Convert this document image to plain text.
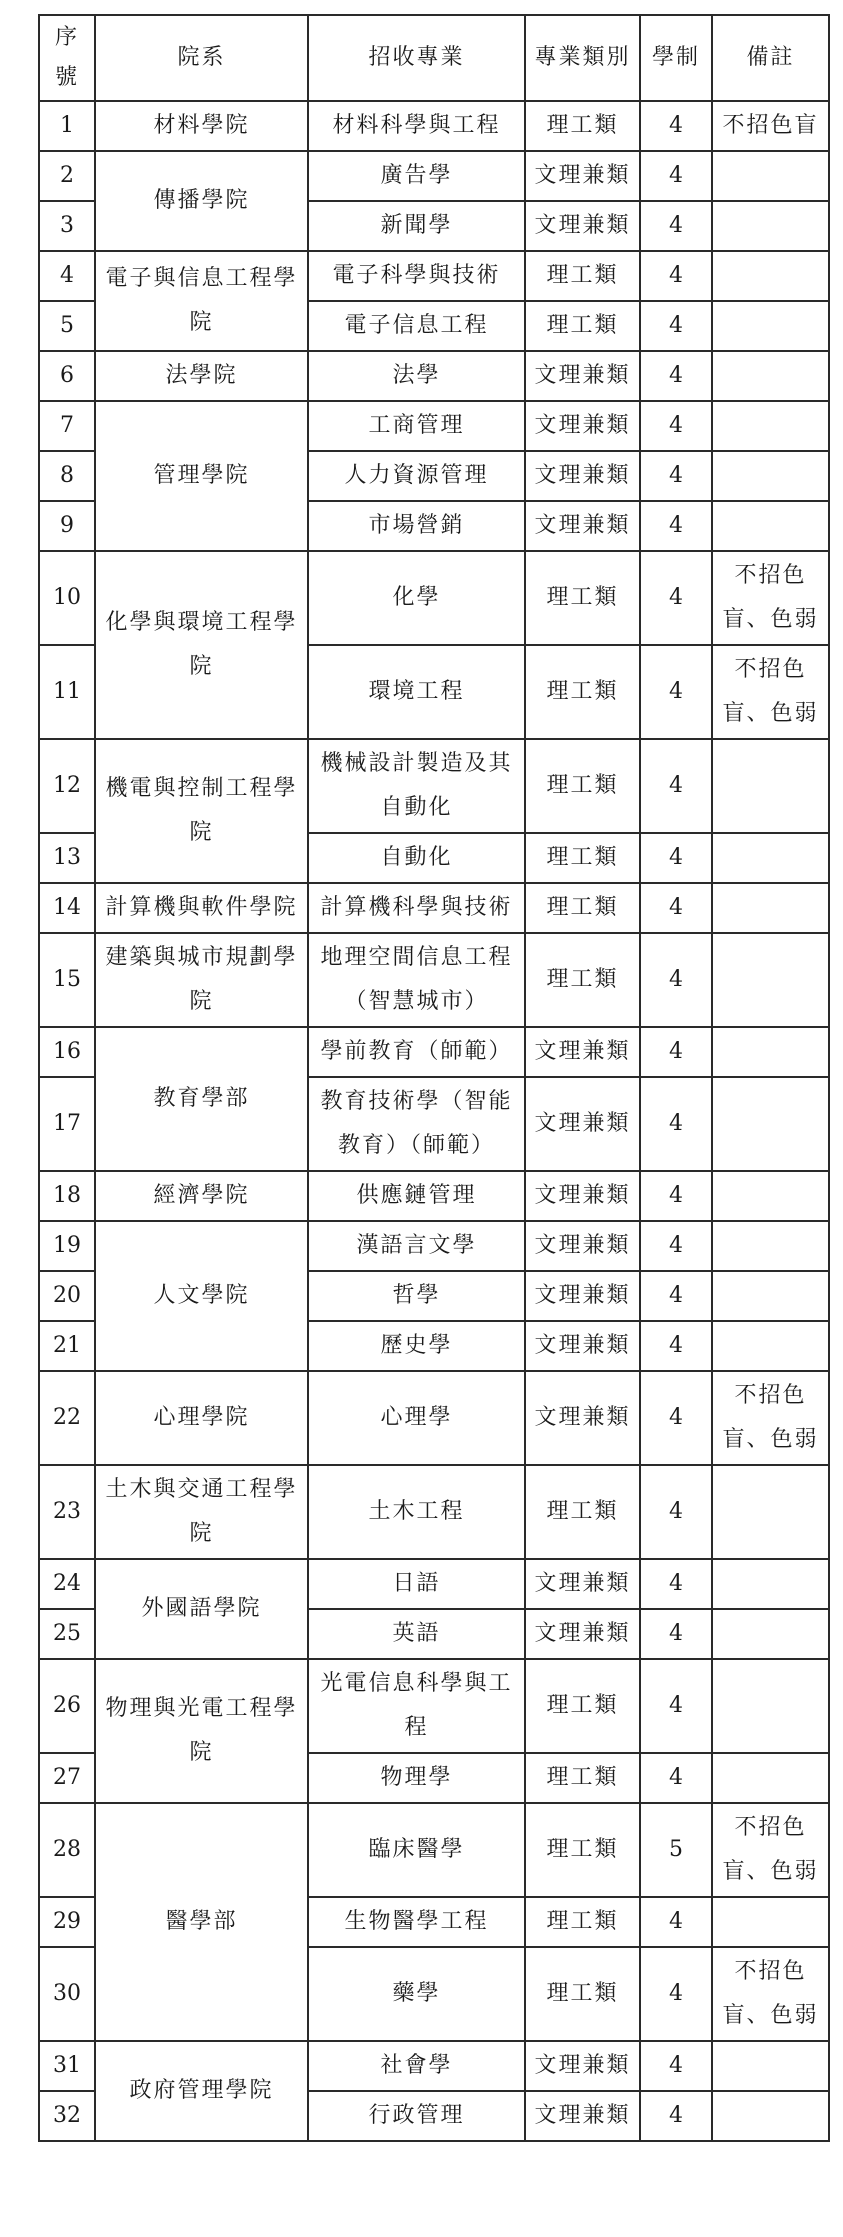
序號	院系	招收專業	專業類別	學制	備註
1	材料學院	材料科學與工程	理工類	4	不招色盲
2	傳播學院	廣告學	文理兼類	4	
3		新聞學	文理兼類	4	
4	電子與信息工程學院	電子科學與技術	理工類	4	
5		電子信息工程	理工類	4	
6	法學院	法學	文理兼類	4	
7	管理學院	工商管理	文理兼類	4	
8		人力資源管理	文理兼類	4	
9		市場營銷	文理兼類	4	
10	化學與環境工程學院	化學	理工類	4	不招色盲、色弱
11		環境工程	理工類	4	不招色盲、色弱
12	機電與控制工程學院	機械設計製造及其自動化	理工類	4	
13		自動化	理工類	4	
14	計算機與軟件學院	計算機科學與技術	理工類	4	
15	建築與城市規劃學院	地理空間信息工程（智慧城市）	理工類	4	
16	教育學部	學前教育（師範）	文理兼類	4	
17		教育技術學（智能教育）（師範）	文理兼類	4	
18	經濟學院	供應鏈管理	文理兼類	4	
19	人文學院	漢語言文學	文理兼類	4	
20		哲學	文理兼類	4	
21		歷史學	文理兼類	4	
22	心理學院	心理學	文理兼類	4	不招色盲、色弱
23	土木與交通工程學院	土木工程	理工類	4	
24	外國語學院	日語	文理兼類	4	
25		英語	文理兼類	4	
26	物理與光電工程學院	光電信息科學與工程	理工類	4	
27		物理學	理工類	4	
28	醫學部	臨床醫學	理工類	5	不招色盲、色弱
29		生物醫學工程	理工類	4	
30		藥學	理工類	4	不招色盲、色弱
31	政府管理學院	社會學	文理兼類	4	
32		行政管理	文理兼類	4	
